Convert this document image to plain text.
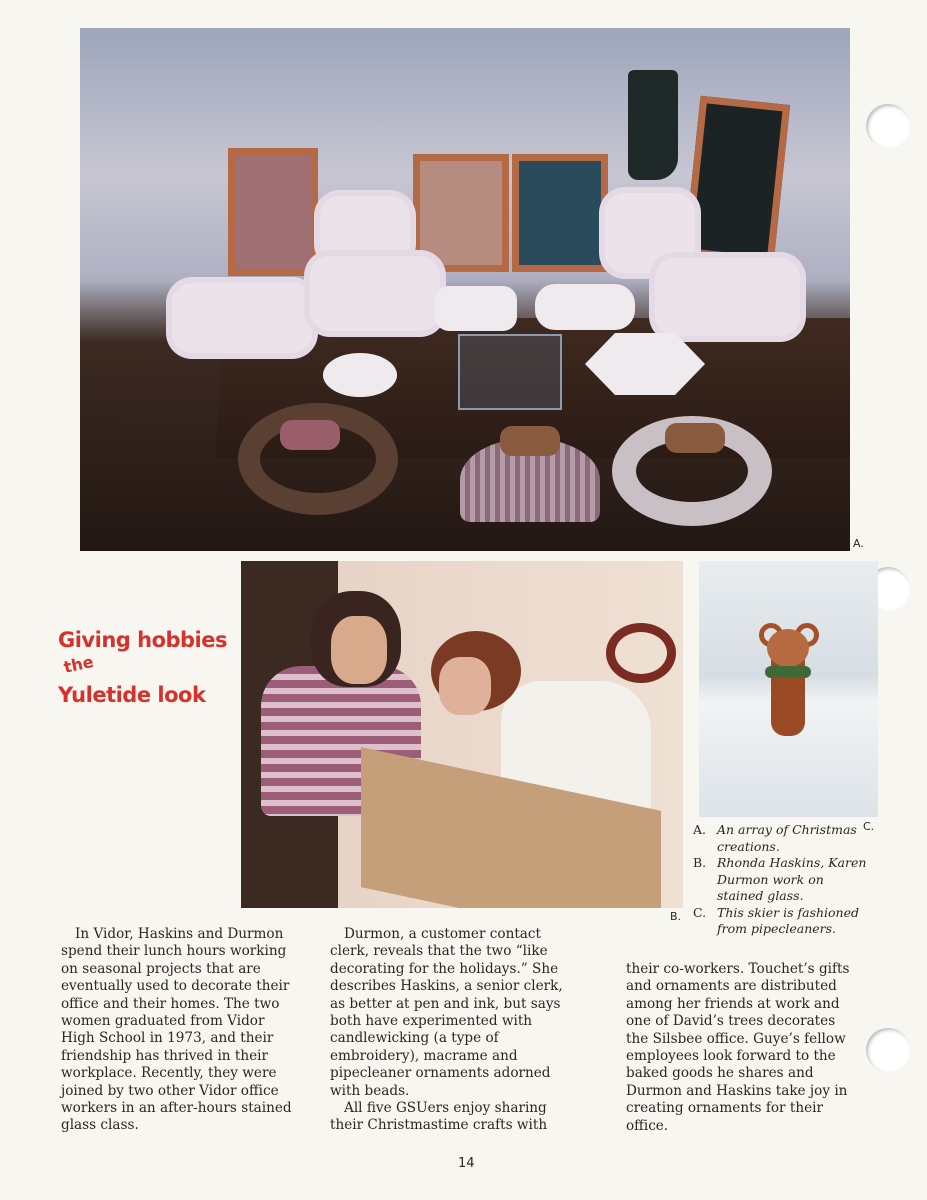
A.
B.
C.
Giving hobbies
the
Yuletide look
A. An array of Christmas creations.
B. Rhonda Haskins, Karen Durmon work on stained glass.
C. This skier is fashioned from pipecleaners.

In Vidor, Haskins and Durmon spend their lunch hours working on seasonal projects that are eventually used to decorate their office and their homes. The two women graduated from Vidor High School in 1973, and their friendship has thrived in their workplace. Recently, they were joined by two other Vidor office workers in an after-hours stained glass class.

Durmon, a customer contact clerk, reveals that the two “like decorating for the holidays.” She describes Haskins, a senior clerk, as better at pen and ink, but says both have experimented with candlewicking (a type of embroidery), macrame and pipecleaner ornaments adorned with beads.

All five GSUers enjoy sharing their Christmastime crafts with

their co-workers. Touchet’s gifts and ornaments are distributed among her friends at work and one of David’s trees decorates the Silsbee office. Guye’s fellow employees look forward to the baked goods he shares and Durmon and Haskins take joy in creating ornaments for their office.

14
